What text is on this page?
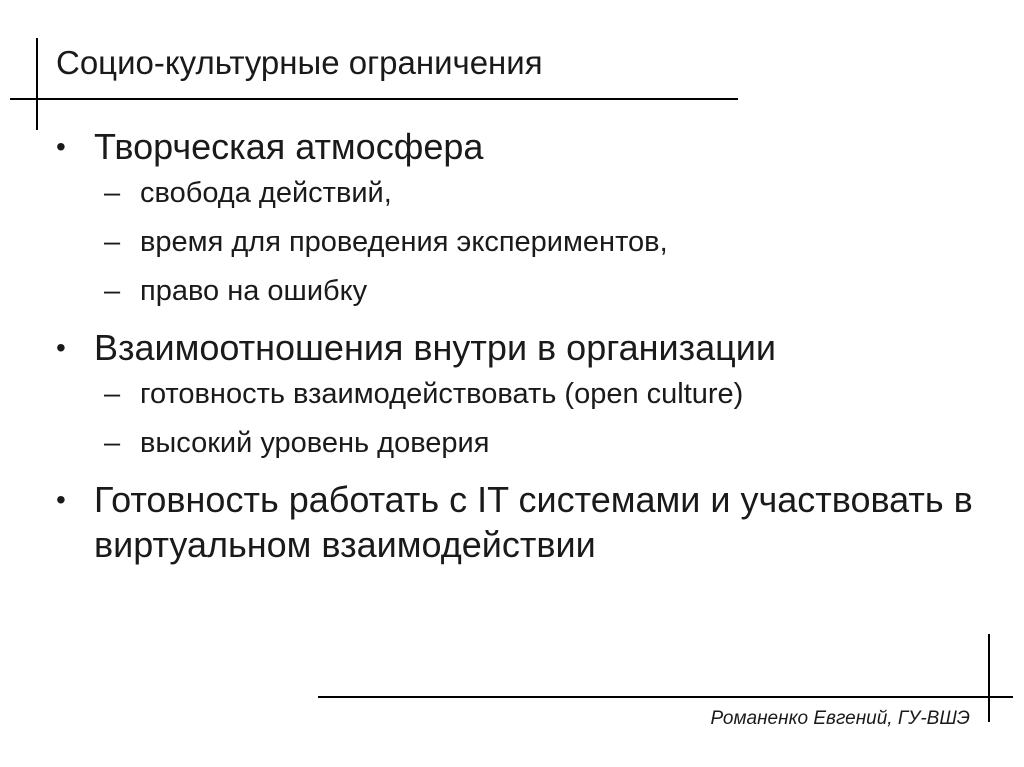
Социо-культурные ограничения
• Творческая атмосфера
– свобода действий,
– время для проведения экспериментов,
– право на ошибку
• Взаимоотношения внутри в организации
– готовность взаимодействовать (open culture)
– высокий уровень доверия
• Готовность работать с IT системами и участвовать в виртуальном взаимодействии
Романенко Евгений, ГУ-ВШЭ
